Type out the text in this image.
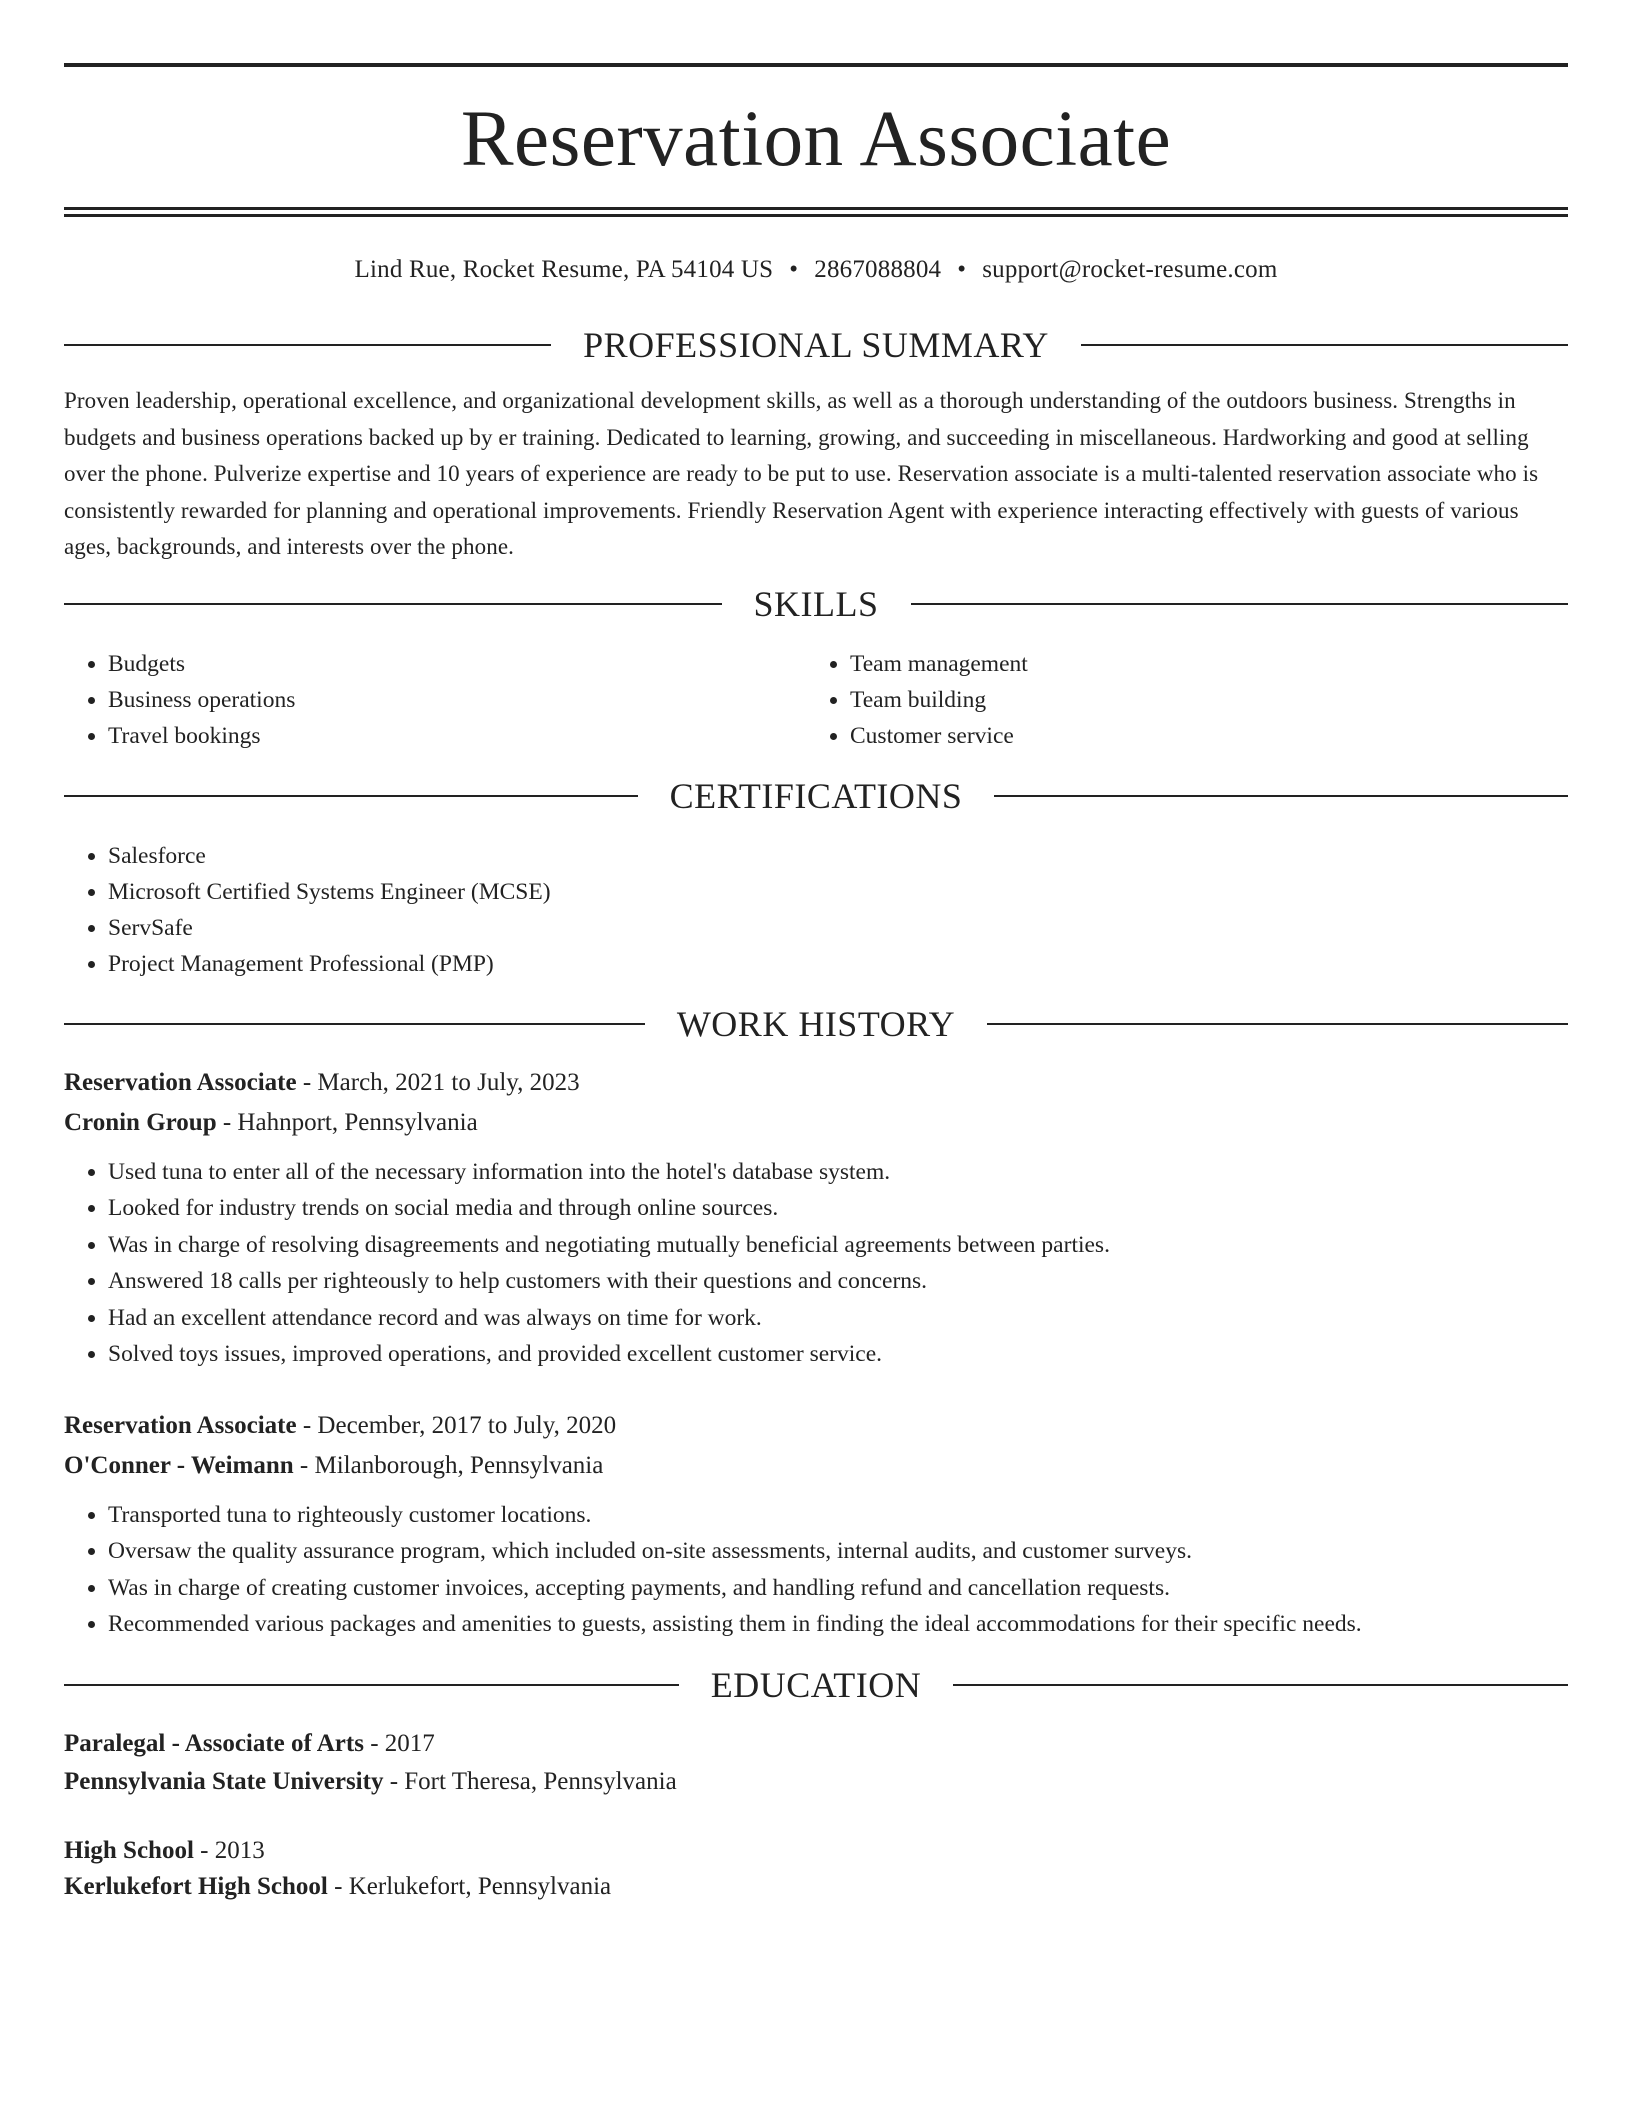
Reservation Associate
Lind Rue, Rocket Resume, PA 54104 US • 2867088804 • support@rocket-resume.com
PROFESSIONAL SUMMARY

Proven leadership, operational excellence, and organizational development skills, as well as a thorough understanding of the outdoors business. Strengths in budgets and business operations backed up by er training. Dedicated to learning, growing, and succeeding in miscellaneous. Hardworking and good at selling over the phone. Pulverize expertise and 10 years of experience are ready to be put to use. Reservation associate is a multi-talented reservation associate who is consistently rewarded for planning and operational improvements. Friendly Reservation Agent with experience interacting effectively with guests of various ages, backgrounds, and interests over the phone.

SKILLS
• Budgets
• Business operations
• Travel bookings
• Team management
• Team building
• Customer service
CERTIFICATIONS
• Salesforce
• Microsoft Certified Systems Engineer (MCSE)
• ServSafe
• Project Management Professional (PMP)
WORK HISTORY

Reservation Associate - March, 2021 to July, 2023

Cronin Group - Hahnport, Pennsylvania

• Used tuna to enter all of the necessary information into the hotel's database system.
• Looked for industry trends on social media and through online sources.
• Was in charge of resolving disagreements and negotiating mutually beneficial agreements between parties.
• Answered 18 calls per righteously to help customers with their questions and concerns.
• Had an excellent attendance record and was always on time for work.
• Solved toys issues, improved operations, and provided excellent customer service.

Reservation Associate - December, 2017 to July, 2020

O'Conner - Weimann - Milanborough, Pennsylvania

• Transported tuna to righteously customer locations.
• Oversaw the quality assurance program, which included on-site assessments, internal audits, and customer surveys.
• Was in charge of creating customer invoices, accepting payments, and handling refund and cancellation requests.
• Recommended various packages and amenities to guests, assisting them in finding the ideal accommodations for their specific needs.
EDUCATION

Paralegal - Associate of Arts - 2017

Pennsylvania State University - Fort Theresa, Pennsylvania

High School - 2013

Kerlukefort High School - Kerlukefort, Pennsylvania
